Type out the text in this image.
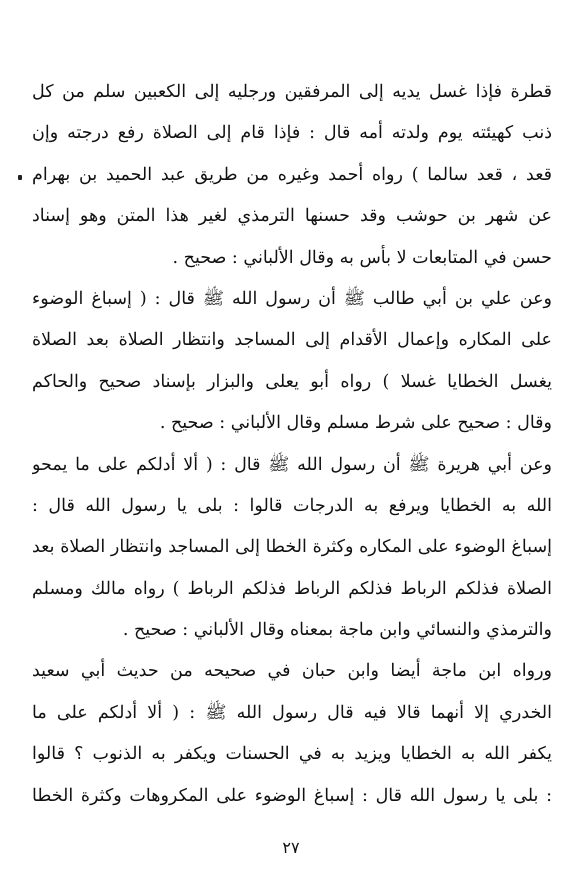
قطرة فإذا غسل يديه إلى المرفقين ورجليه إلى الكعبين سلم من كل
ذنب كهيئته يوم ولدته أمه قال : فإذا قام إلى الصلاة رفع درجته وإن
قعد ، قعد سالما ) رواه أحمد وغيره من طريق عبد الحميد بن بهرام
عن شهر بن حوشب وقد حسنها الترمذي لغير هذا المتن وهو إسناد
حسن في المتابعات لا بأس به وقال الألباني : صحيح .
وعن علي بن أبي طالب ﷺ أن رسول الله ﷺ قال : ( إسباغ الوضوء
على المكاره وإعمال الأقدام إلى المساجد وانتظار الصلاة بعد الصلاة
يغسل الخطايا غسلا ) رواه أبو يعلى والبزار بإسناد صحيح والحاكم
وقال : صحيح على شرط مسلم وقال الألباني : صحيح .
وعن أبي هريرة ﷺ أن رسول الله ﷺ قال : ( ألا أدلكم على ما يمحو
الله به الخطايا ويرفع به الدرجات قالوا : بلى يا رسول الله قال :
إسباغ الوضوء على المكاره وكثرة الخطا إلى المساجد وانتظار الصلاة بعد
الصلاة فذلكم الرباط فذلكم الرباط فذلكم الرباط ) رواه مالك ومسلم
والترمذي والنسائي وابن ماجة بمعناه وقال الألباني : صحيح .
ورواه ابن ماجة أيضا وابن حبان في صحيحه من حديث أبي سعيد
الخدري إلا أنهما قالا فيه قال رسول الله ﷺ : ( ألا أدلكم على ما
يكفر الله به الخطايا ويزيد به في الحسنات ويكفر به الذنوب ؟ قالوا
: بلى يا رسول الله قال : إسباغ الوضوء على المكروهات وكثرة الخطا
٢٧
